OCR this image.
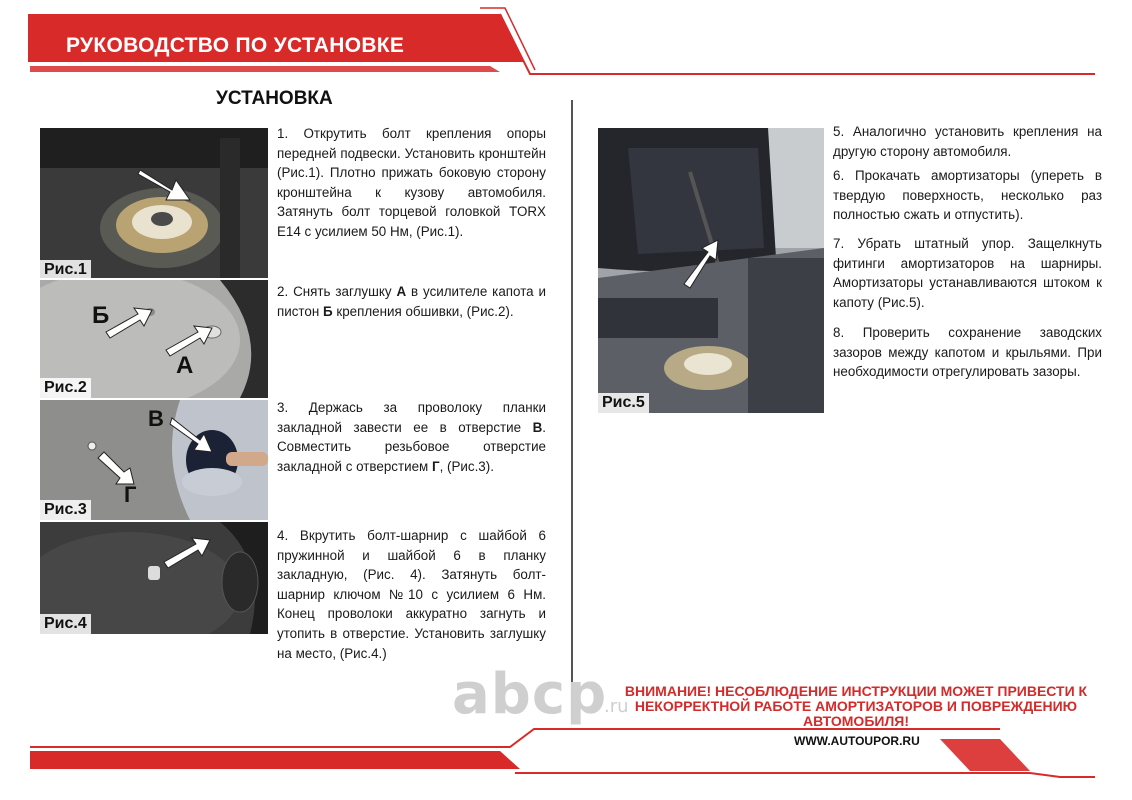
РУКОВОДСТВО ПО УСТАНОВКЕ
УСТАНОВКА
Рис.1
Б
А
Рис.2
В
Г
Рис.3
Рис.4
Рис.5
1. Открутить болт крепления опоры передней подвески. Установить кронштейн (Рис.1). Плотно прижать боковую сторону кронштейна к кузову автомобиля. Затянуть болт торцевой головкой TORX E14 с усилием 50 Нм, (Рис.1).
2. Снять заглушку А в усилителе капота и пистон Б крепления обшивки, (Рис.2).
3. Держась за проволоку планки закладной завести ее в отверстие В. Совместить резьбовое отверстие закладной с отверстием Г, (Рис.3).
4. Вкрутить болт-шарнир с шайбой 6 пружинной и шайбой 6 в планку закладную, (Рис. 4). Затянуть болт-шарнир ключом №10 с усилием 6 Нм. Конец проволоки аккуратно загнуть и утопить в отверстие. Установить заглушку на место, (Рис.4.)
5. Аналогично установить крепления на другую сторону автомобиля.
6. Прокачать амортизаторы (упереть в твердую поверхность, несколько раз полностью сжать и отпустить).
7. Убрать штатный упор. Защелкнуть фитинги амортизаторов на шарниры. Амортизаторы устанавливаются штоком к капоту (Рис.5).
8. Проверить сохранение заводских зазоров между капотом и крыльями. При необходимости отрегулировать зазоры.
abcp
.ru
ВНИМАНИЕ! НЕСОБЛЮДЕНИЕ ИНСТРУКЦИИ МОЖЕТ ПРИВЕСТИ К НЕКОРРЕКТНОЙ РАБОТЕ АМОРТИЗАТОРОВ И ПОВРЕЖДЕНИЮ АВТОМОБИЛЯ!
WWW.AUTOUPOR.RU
